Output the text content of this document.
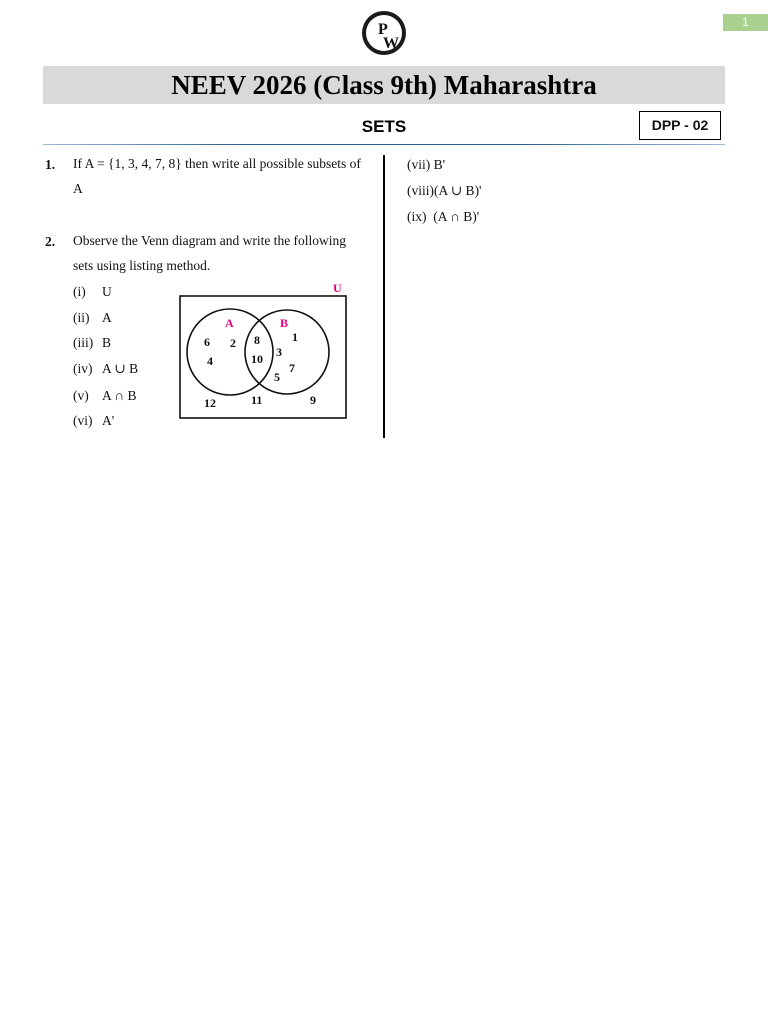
1
P
W
NEEV 2026 (Class 9th) Maharashtra
SETS	DPP - 02
1. If A = {1, 3, 4, 7, 8} then write all possible subsets of A
2. Observe the Venn diagram and write the following sets using listing method.
(i) U
(ii) A
(iii) B
(iv) A ∪ B
(v) A ∩ B
(vi) A'
(vii) B'
(viii)(A ∪ B)'
(ix) (A ∩ B)'
U
A	B
6 2
4
8
10
1
3
7
5
12	11	9
